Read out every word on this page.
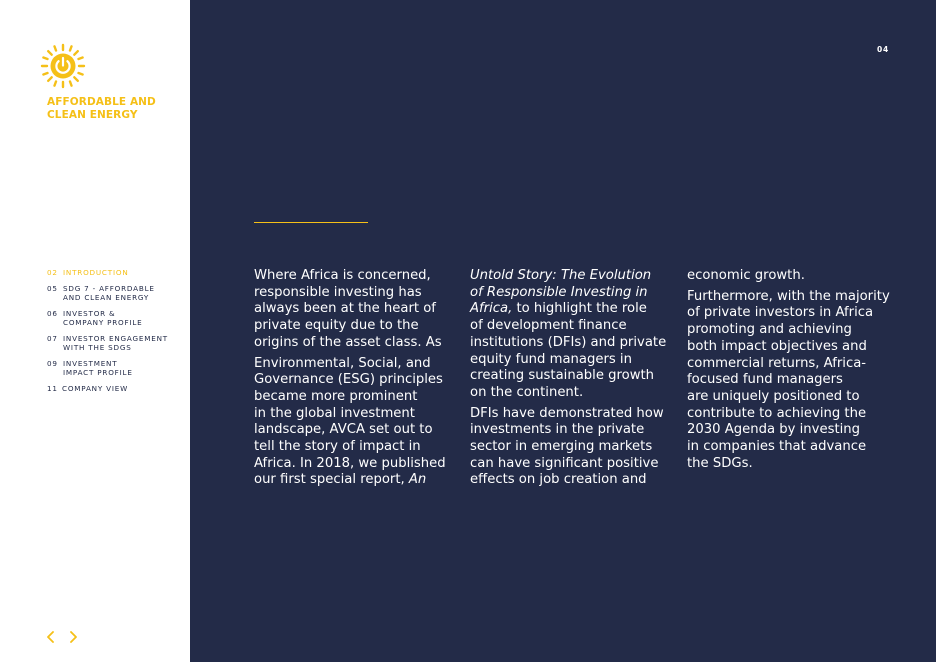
AFFORDABLE AND
CLEAN ENERGY
02 INTRODUCTION
05 SDG 7 - AFFORDABLE
AND CLEAN ENERGY
06 INVESTOR &
COMPANY PROFILE
07 INVESTOR ENGAGEMENT
WITH THE SDGS
09 INVESTMENT
IMPACT PROFILE
11 COMPANY VIEW
04
Where Africa is concerned,
responsible investing has
always been at the heart of
private equity due to the
origins of the asset class. As
Environmental, Social, and
Governance (ESG) principles
became more prominent
in the global investment
landscape, AVCA set out to
tell the story of impact in
Africa. In 2018, we published
our first special report, An
Untold Story: The Evolution
of Responsible Investing in
Africa, to highlight the role
of development finance
institutions (DFIs) and private
equity fund managers in
creating sustainable growth
on the continent.
DFIs have demonstrated how
investments in the private
sector in emerging markets
can have significant positive
effects on job creation and
economic growth.
Furthermore, with the majority
of private investors in Africa
promoting and achieving
both impact objectives and
commercial returns, Africa-
focused fund managers
are uniquely positioned to
contribute to achieving the
2030 Agenda by investing
in companies that advance
the SDGs.
